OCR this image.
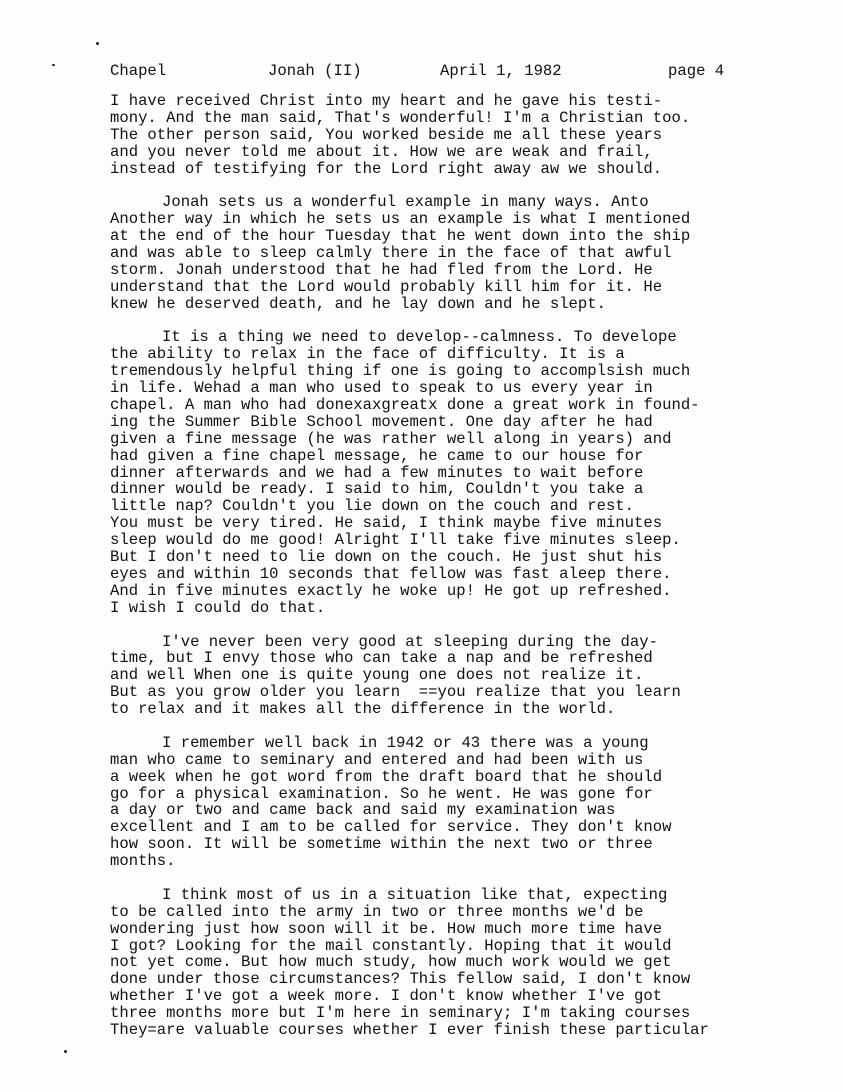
Chapel

	Jonah (II)

	April 1, 1982

	page 4

I have received Christ into my heart and he gave his testi-
mony. And the man said, That's wonderful! I'm a Christian too.
The other person said, You worked beside me all these years
and you never told me about it. How we are weak and frail,
instead of testifying for the Lord right away aw we should.
Jonah sets us a wonderful example in many ways. Anto
Another way in which he sets us an example is what I mentioned
at the end of the hour Tuesday that he went down into the ship
and was able to sleep calmly there in the face of that awful
storm. Jonah understood that he had fled from the Lord. He
understand that the Lord would probably kill him for it. He
knew he deserved death, and he lay down and he slept.
It is a thing we need to develop--calmness. To develope
the ability to relax in the face of difficulty. It is a
tremendously helpful thing if one is going to accomplsish much
in life. Wehad a man who used to speak to us every year in
chapel. A man who had donexaxgreatx done a great work in found-
ing the Summer Bible School movement. One day after he had
given a fine message (he was rather well along in years) and
had given a fine chapel message, he came to our house for
dinner afterwards and we had a few minutes to wait before
dinner would be ready. I said to him, Couldn't you take a
little nap? Couldn't you lie down on the couch and rest.
You must be very tired. He said, I think maybe five minutes
sleep would do me good! Alright I'll take five minutes sleep.
But I don't need to lie down on the couch. He just shut his
eyes and within 10 seconds that fellow was fast aleep there.
And in five minutes exactly he woke up! He got up refreshed.
I wish I could do that.
I've never been very good at sleeping during the day-
time, but I envy those who can take a nap and be refreshed
and well When one is quite young one does not realize it.
But as you grow older you learn  ==you realize that you learn
to relax and it makes all the difference in the world.
I remember well back in 1942 or 43 there was a young
man who came to seminary and entered and had been with us
a week when he got word from the draft board that he should
go for a physical examination. So he went. He was gone for
a day or two and came back and said my examination was
excellent and I am to be called for service. They don't know
how soon. It will be sometime within the next two or three
months.
I think most of us in a situation like that, expecting
to be called into the army in two or three months we'd be
wondering just how soon will it be. How much more time have
I got? Looking for the mail constantly. Hoping that it would
not yet come. But how much study, how much work would we get
done under those circumstances? This fellow said, I don't know
whether I've got a week more. I don't know whether I've got
three months more but I'm here in seminary; I'm taking courses
They=are valuable courses whether I ever finish these particular
